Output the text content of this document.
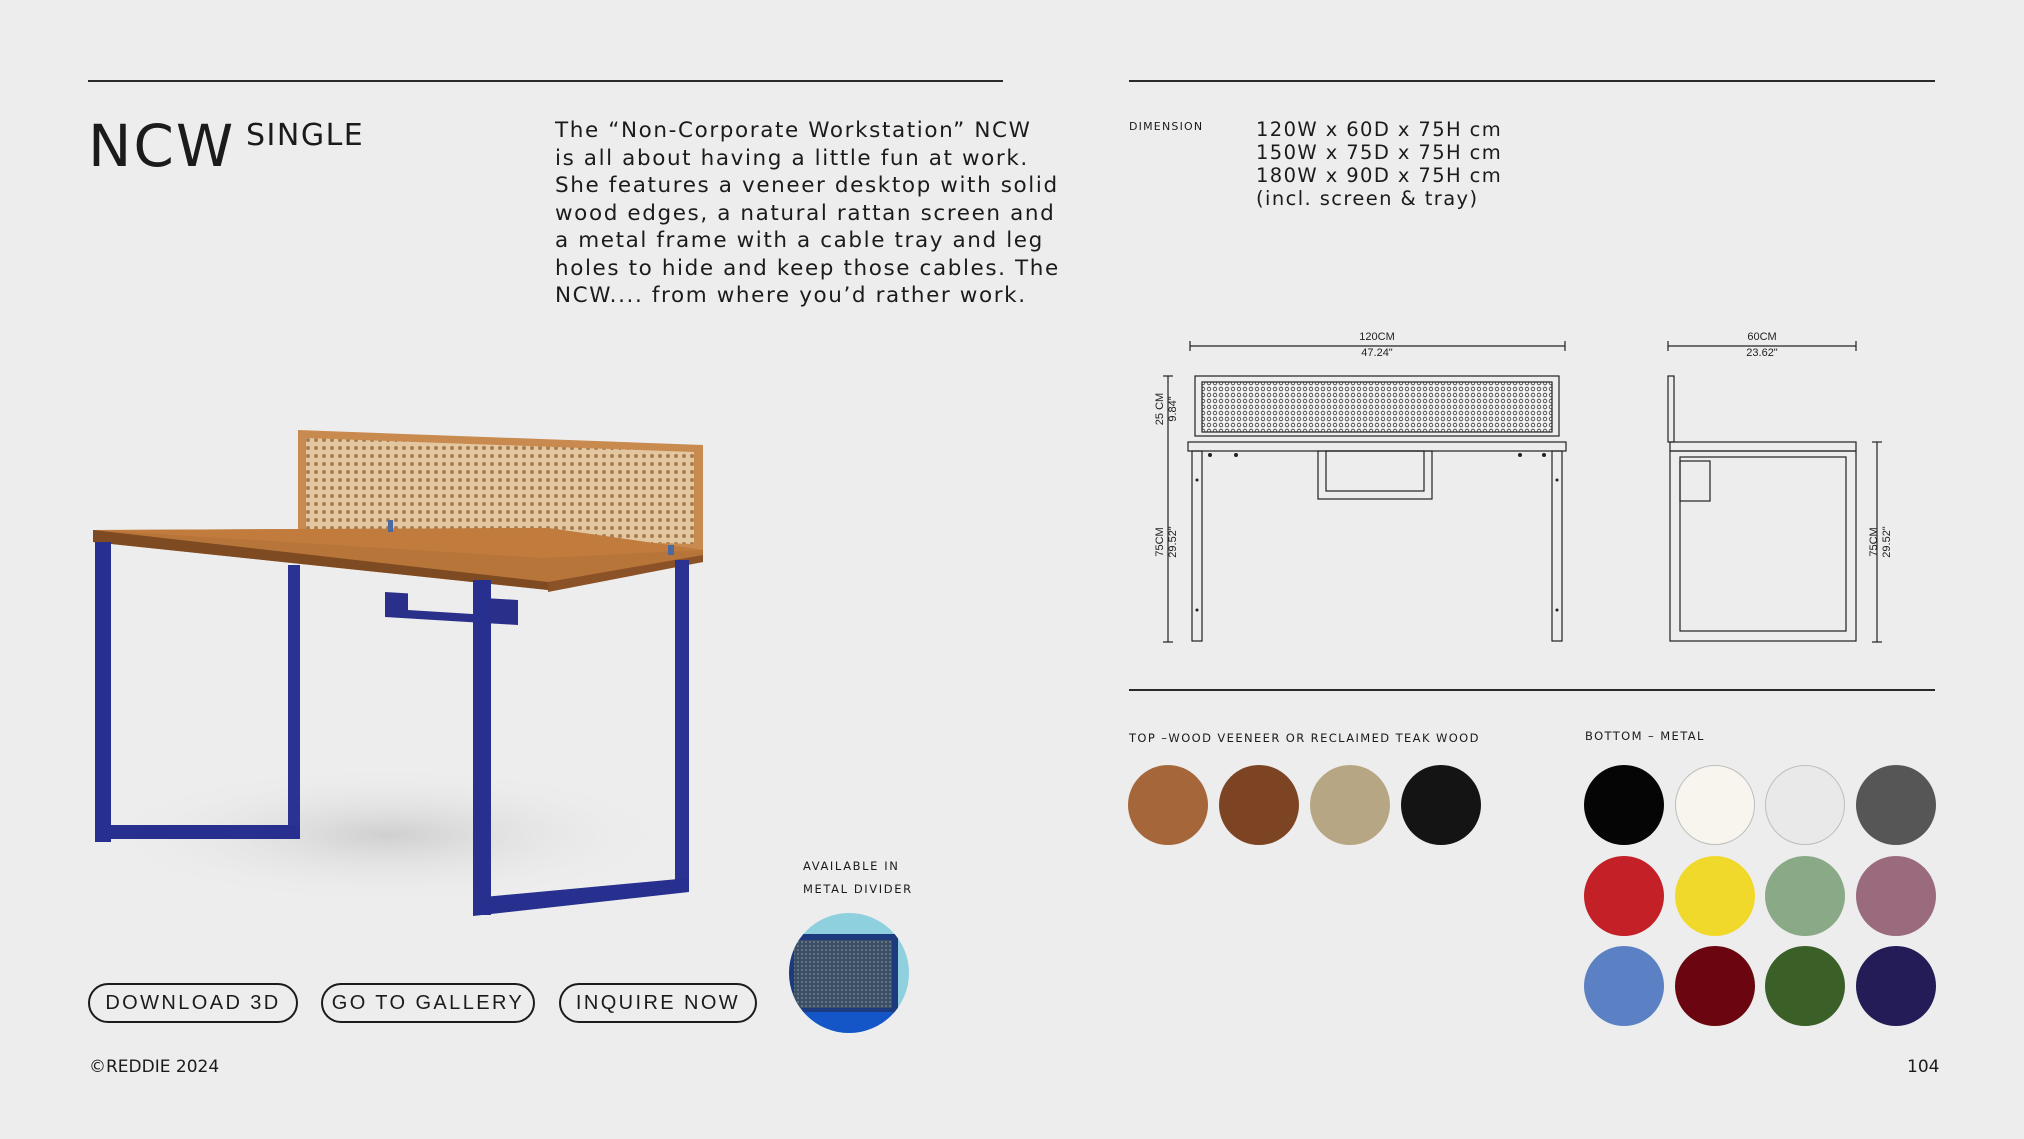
NCW SINGLE	The “Non-Corporate Workstation” NCW
is all about having a little fun at work.
She features a veneer desktop with solid
wood edges, a natural rattan screen and
a metal frame with a cable tray and leg
holes to hide and keep those cables. The
NCW.... from where you’d rather work.
AVAILABLE IN
METAL DIVIDER
DOWNLOAD 3D	GO TO GALLERY	INQUIRE NOW
©REDDIE 2024	104
DIMENSION	120W x 60D x 75H cm
150W x 75D x 75H cm
180W x 90D x 75H cm
(incl. screen & tray)
120CM
47.24"
60CM
23.62"
25 CM 9.84"
75CM 29.52"	75CM 29.52"
TOP –WOOD VEENEER OR RECLAIMED TEAK WOOD	BOTTOM – METAL
